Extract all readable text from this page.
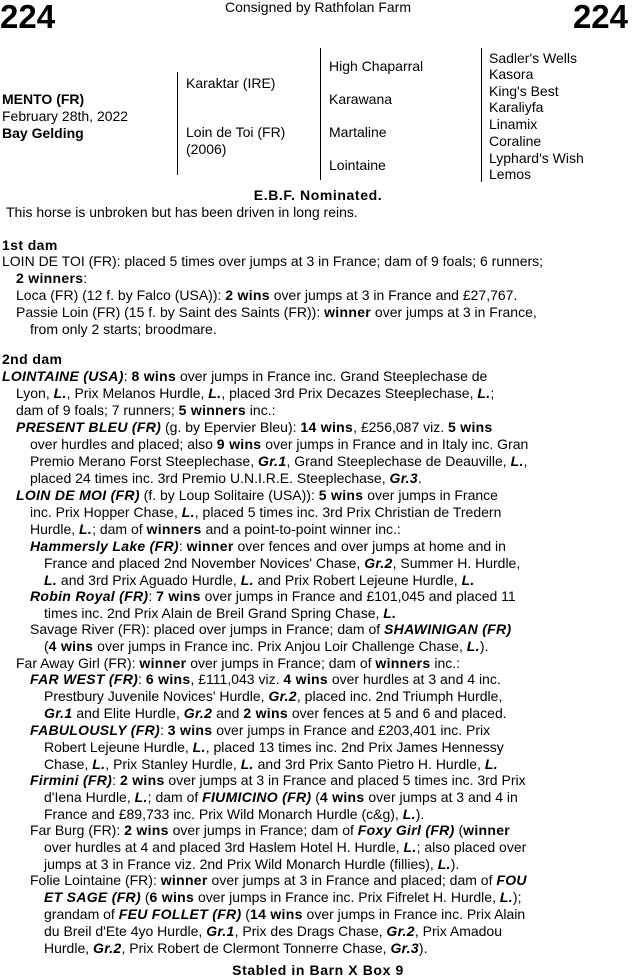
224	224
Consigned by Rathfolan Farm
MENTO (FR)
February 28th, 2022
Bay Gelding
Karaktar (IRE)
Loin de Toi (FR)
(2006)
High Chaparral
Karawana
Martaline
Lointaine
Sadler's Wells
Kasora
King's Best
Karaliyfa
Linamix
Coraline
Lyphard's Wish
Lemos
E.B.F. Nominated.
This horse is unbroken but has been driven in long reins.
1st dam
LOIN DE TOI (FR): placed 5 times over jumps at 3 in France; dam of 9 foals; 6 runners;
2 winners:
Loca (FR) (12 f. by Falco (USA)): 2 wins over jumps at 3 in France and £27,767.
Passie Loin (FR) (15 f. by Saint des Saints (FR)): winner over jumps at 3 in France,
from only 2 starts; broodmare.
2nd dam
LOINTAINE (USA): 8 wins over jumps in France inc. Grand Steeplechase de
Lyon, L., Prix Melanos Hurdle, L., placed 3rd Prix Decazes Steeplechase, L.;
dam of 9 foals; 7 runners; 5 winners inc.:
PRESENT BLEU (FR) (g. by Epervier Bleu): 14 wins, £256,087 viz. 5 wins
over hurdles and placed; also 9 wins over jumps in France and in Italy inc. Gran
Premio Merano Forst Steeplechase, Gr.1, Grand Steeplechase de Deauville, L.,
placed 24 times inc. 3rd Premio U.N.I.R.E. Steeplechase, Gr.3.
LOIN DE MOI (FR) (f. by Loup Solitaire (USA)): 5 wins over jumps in France
inc. Prix Hopper Chase, L., placed 5 times inc. 3rd Prix Christian de Tredern
Hurdle, L.; dam of winners and a point-to-point winner inc.:
Hammersly Lake (FR): winner over fences and over jumps at home and in
France and placed 2nd November Novices' Chase, Gr.2, Summer H. Hurdle,
L. and 3rd Prix Aguado Hurdle, L. and Prix Robert Lejeune Hurdle, L.
Robin Royal (FR): 7 wins over jumps in France and £101,045 and placed 11
times inc. 2nd Prix Alain de Breil Grand Spring Chase, L.
Savage River (FR): placed over jumps in France; dam of SHAWINIGAN (FR)
(4 wins over jumps in France inc. Prix Anjou Loir Challenge Chase, L.).
Far Away Girl (FR): winner over jumps in France; dam of winners inc.:
FAR WEST (FR): 6 wins, £111,043 viz. 4 wins over hurdles at 3 and 4 inc.
Prestbury Juvenile Novices' Hurdle, Gr.2, placed inc. 2nd Triumph Hurdle,
Gr.1 and Elite Hurdle, Gr.2 and 2 wins over fences at 5 and 6 and placed.
FABULOUSLY (FR): 3 wins over jumps in France and £203,401 inc. Prix
Robert Lejeune Hurdle, L., placed 13 times inc. 2nd Prix James Hennessy
Chase, L., Prix Stanley Hurdle, L. and 3rd Prix Santo Pietro H. Hurdle, L.
Firmini (FR): 2 wins over jumps at 3 in France and placed 5 times inc. 3rd Prix
d'Iena Hurdle, L.; dam of FIUMICINO (FR) (4 wins over jumps at 3 and 4 in
France and £89,733 inc. Prix Wild Monarch Hurdle (c&g), L.).
Far Burg (FR): 2 wins over jumps in France; dam of Foxy Girl (FR) (winner
over hurdles at 4 and placed 3rd Haslem Hotel H. Hurdle, L.; also placed over
jumps at 3 in France viz. 2nd Prix Wild Monarch Hurdle (fillies), L.).
Folie Lointaine (FR): winner over jumps at 3 in France and placed; dam of FOU
ET SAGE (FR) (6 wins over jumps in France inc. Prix Fifrelet H. Hurdle, L.);
grandam of FEU FOLLET (FR) (14 wins over jumps in France inc. Prix Alain
du Breil d'Ete 4yo Hurdle, Gr.1, Prix des Drags Chase, Gr.2, Prix Amadou
Hurdle, Gr.2, Prix Robert de Clermont Tonnerre Chase, Gr.3).
Stabled in Barn X Box 9
